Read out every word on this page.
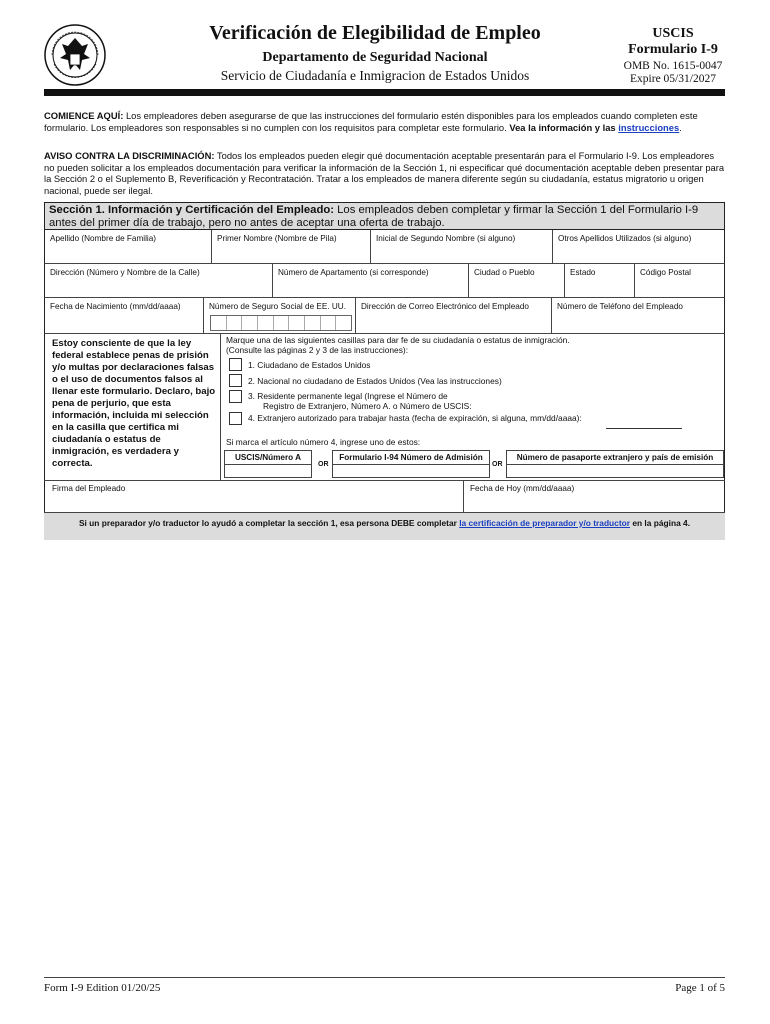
Verificación de Elegibilidad de Empleo
Departamento de Seguridad Nacional
Servicio de Ciudadanía e Inmigracion de Estados Unidos
USCIS
Formulario I-9
OMB No. 1615-0047
Expire 05/31/2027
COMIENCE AQUÍ: Los empleadores deben asegurarse de que las instrucciones del formulario estén disponibles para los empleados cuando completen este formulario. Los empleadores son responsables si no cumplen con los requisitos para completar este formulario. Vea la información y las instrucciones.
AVISO CONTRA LA DISCRIMINACIÓN: Todos los empleados pueden elegir qué documentación aceptable presentarán para el Formulario I-9. Los empleadores no pueden solicitar a los empleados documentación para verificar la información de la Sección 1, ni especificar qué documentación aceptable deben presentar para la Sección 2 o el Suplemento B, Reverificación y Recontratación. Tratar a los empleados de manera diferente según su ciudadanía, estatus migratorio u origen nacional, puede ser ilegal.
Sección 1. Información y Certificación del Empleado: Los empleados deben completar y firmar la Sección 1 del Formulario I-9 antes del primer día de trabajo, pero no antes de aceptar una oferta de trabajo.
Apellido (Nombre de Familia)	Primer Nombre (Nombre de Pila)	Inicial de Segundo Nombre (si alguno)	Otros Apellidos Utilizados (si alguno)
Dirección (Número y Nombre de la Calle)	Número de Apartamento (si corresponde)	Ciudad o Pueblo	Estado	Código Postal
Fecha de Nacimiento (mm/dd/aaaa)	Número de Seguro Social de EE. UU.	Dirección de Correo Electrónico del Empleado	Número de Teléfono del Empleado
Estoy consciente de que la ley federal establece penas de prisión y/o multas por declaraciones falsas o el uso de documentos falsos al llenar este formulario. Declaro, bajo pena de perjurio, que esta información, incluida mi selección en la casilla que certifica mi ciudadanía o estatus de inmigración, es verdadera y correcta.
Marque una de las siguientes casillas para dar fe de su ciudadanía o estatus de inmigración.
(Consulte las páginas 2 y 3 de las instrucciones):
1. Ciudadano de Estados Unidos
2. Nacional no ciudadano de Estados Unidos (Vea las instrucciones)
3. Residente permanente legal (Ingrese el Número de
Registro de Extranjero, Número A. o Número de USCIS:
4. Extranjero autorizado para trabajar hasta (fecha de expiración, si alguna, mm/dd/aaaa):
Si marca el artículo número 4, ingrese uno de estos:
USCIS/Número A
OR
Formulario I-94 Número de Admisión
OR
Número de pasaporte extranjero y país de emisión
Firma del Empleado	Fecha de Hoy (mm/dd/aaaa)
Si un preparador y/o traductor lo ayudó a completar la sección 1, esa persona DEBE completar la certificación de preparador y/o traductor en la página 4.
Form I-9 Edition 01/20/25	Page 1 of 5
